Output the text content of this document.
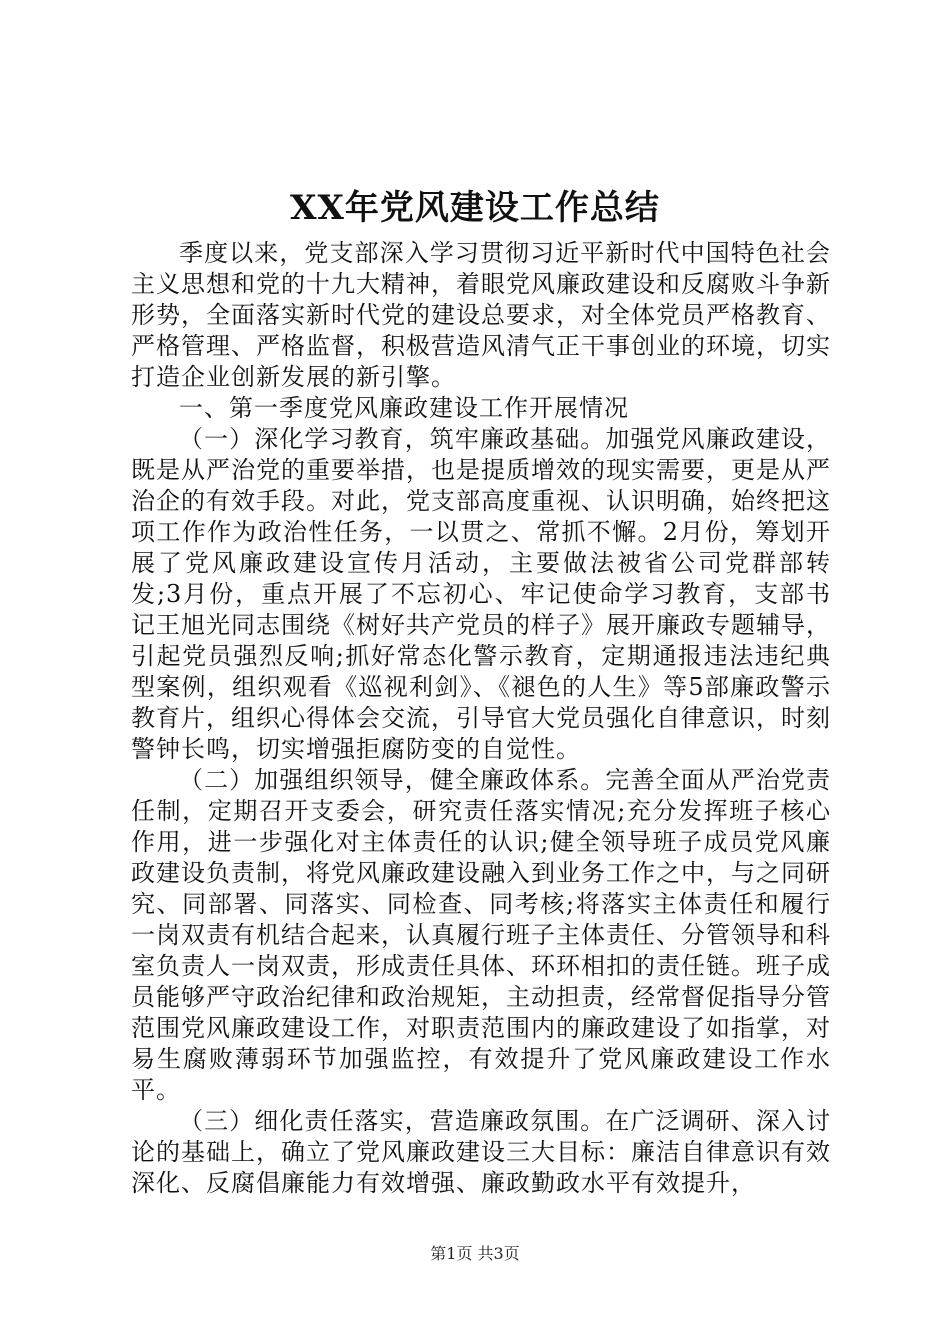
XX年党风建设工作总结

季度以来，党支部深入学习贯彻习近平新时代中国特色社会主义思想和党的十九大精神，着眼党风廉政建设和反腐败斗争新形势，全面落实新时代党的建设总要求，对全体党员严格教育、严格管理、严格监督，积极营造风清气正干事创业的环境，切实打造企业创新发展的新引擎。

一、第一季度党风廉政建设工作开展情况

（一）深化学习教育，筑牢廉政基础。加强党风廉政建设，既是从严治党的重要举措，也是提质增效的现实需要，更是从严治企的有效手段。对此，党支部高度重视、认识明确，始终把这项工作作为政治性任务，一以贯之、常抓不懈。2月份，筹划开展了党风廉政建设宣传月活动，主要做法被省公司党群部转发;3月份，重点开展了不忘初心、牢记使命学习教育，支部书记王旭光同志围绕《树好共产党员的样子》展开廉政专题辅导，引起党员强烈反响;抓好常态化警示教育，定期通报违法违纪典型案例，组织观看《巡视利剑》、《褪色的人生》等5部廉政警示教育片，组织心得体会交流，引导官大党员强化自律意识，时刻警钟长鸣，切实增强拒腐防变的自觉性。

（二）加强组织领导，健全廉政体系。完善全面从严治党责任制，定期召开支委会，研究责任落实情况;充分发挥班子核心作用，进一步强化对主体责任的认识;健全领导班子成员党风廉政建设负责制，将党风廉政建设融入到业务工作之中，与之同研究、同部署、同落实、同检查、同考核;将落实主体责任和履行一岗双责有机结合起来，认真履行班子主体责任、分管领导和科室负责人一岗双责，形成责任具体、环环相扣的责任链。班子成员能够严守政治纪律和政治规矩，主动担责，经常督促指导分管范围党风廉政建设工作，对职责范围内的廉政建设了如指掌，对易生腐败薄弱环节加强监控，有效提升了党风廉政建设工作水平。

（三）细化责任落实，营造廉政氛围。在广泛调研、深入讨论的基础上，确立了党风廉政建设三大目标：廉洁自律意识有效深化、反腐倡廉能力有效增强、廉政勤政水平有效提升，

第1页 共3页
